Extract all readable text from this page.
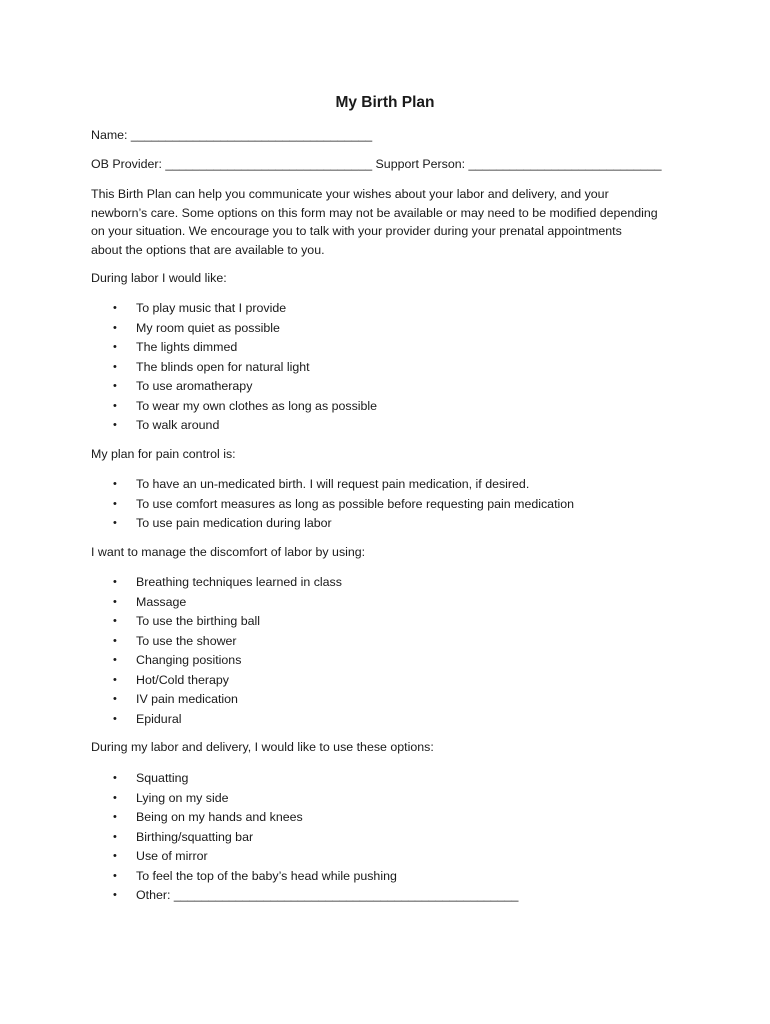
My Birth Plan
Name: ___________________________________
OB Provider: ______________________________ Support Person: ____________________________
This Birth Plan can help you communicate your wishes about your labor and delivery, and your
newborn’s care. Some options on this form may not be available or may need to be modified depending
on your situation. We encourage you to talk with your provider during your prenatal appointments
about the options that are available to you.
During labor I would like:
• To play music that I provide
• My room quiet as possible
• The lights dimmed
• The blinds open for natural light
• To use aromatherapy
• To wear my own clothes as long as possible
• To walk around
My plan for pain control is:
• To have an un-medicated birth. I will request pain medication, if desired.
• To use comfort measures as long as possible before requesting pain medication
• To use pain medication during labor
I want to manage the discomfort of labor by using:
• Breathing techniques learned in class
• Massage
• To use the birthing ball
• To use the shower
• Changing positions
• Hot/Cold therapy
• IV pain medication
• Epidural
During my labor and delivery, I would like to use these options:
• Squatting
• Lying on my side
• Being on my hands and knees
• Birthing/squatting bar
• Use of mirror
• To feel the top of the baby’s head while pushing
• Other: __________________________________________________
